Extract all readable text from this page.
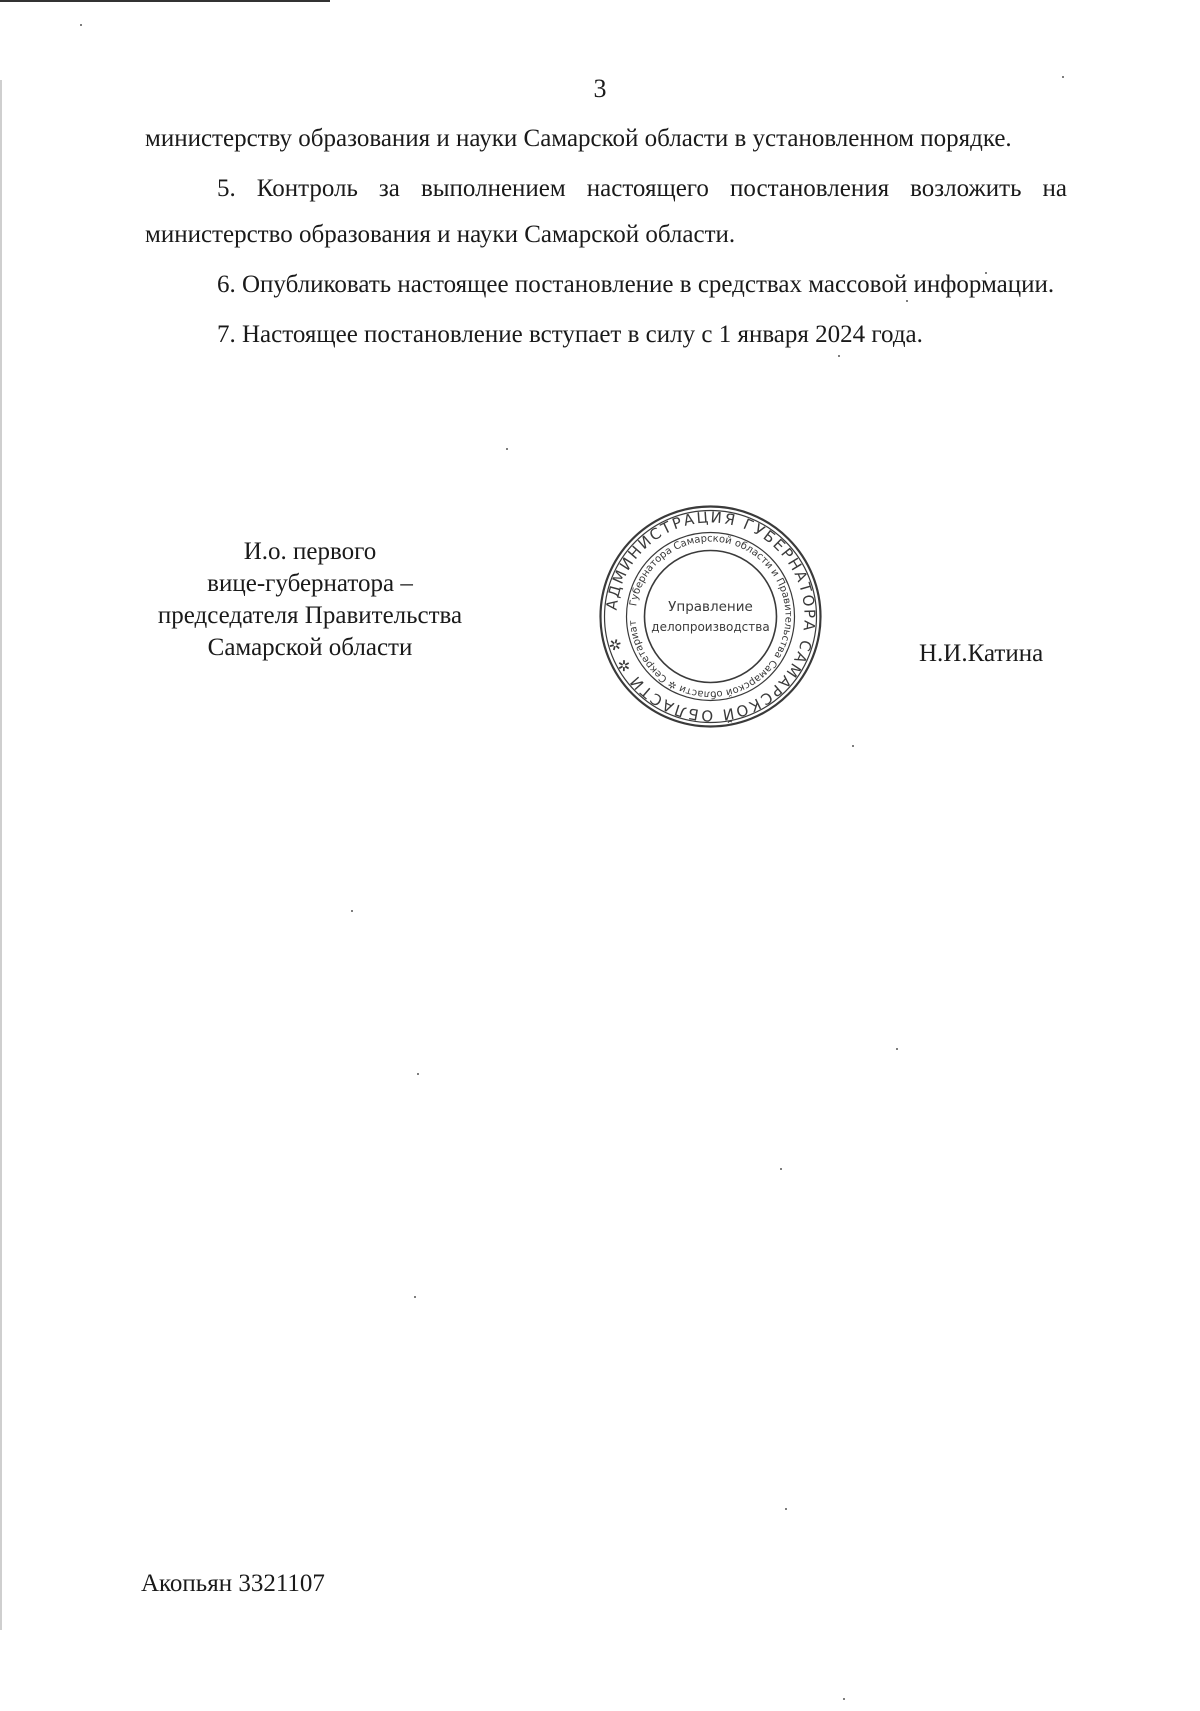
3

министерству образования и науки Самарской области в установленном порядке.

5. Контроль за выполнением настоящего постановления возложить на министерство образования и науки Самарской области.

6. Опубликовать настоящее постановление в средствах массовой информации.

7. Настоящее постановление вступает в силу с 1 января 2024 года.

И.о. первого
вице-губернатора –
председателя Правительства
Самарской области
АДМИНИСТРАЦИЯ ГУБЕРНАТОРА САМАРСКОЙ ОБЛАСТИ ✲ ✲
Губернатора Самарской области и Правительства Самарской области ✲ Секретариат
Управление
делопроизводства
Н.И.Катина
Акопьян 3321107
